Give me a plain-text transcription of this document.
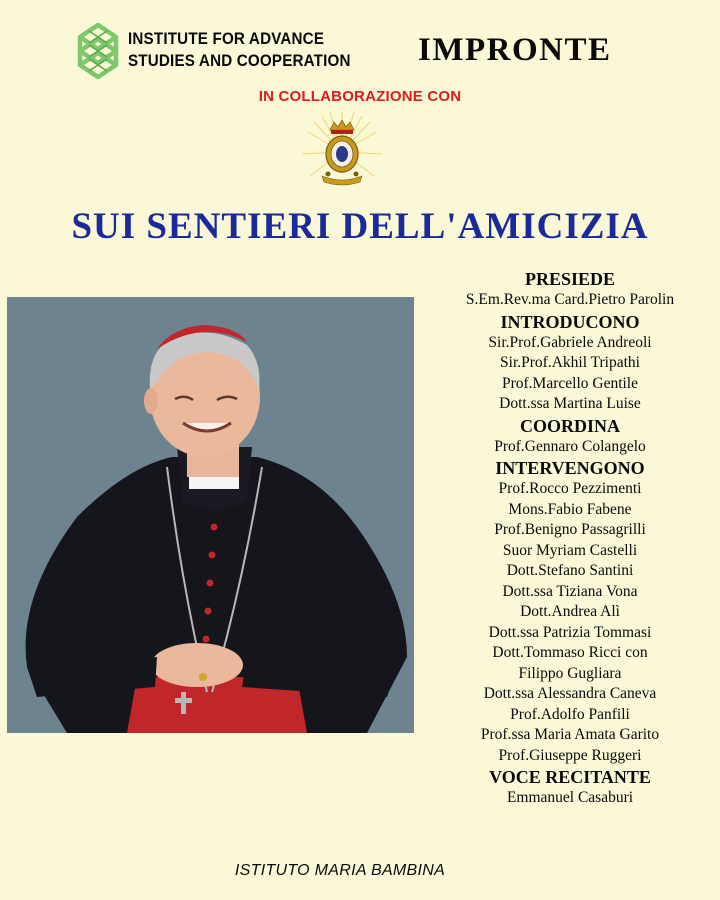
INSTITUTE FOR ADVANCE
STUDIES AND COOPERATION IMPRONTE
IN COLLABORAZIONE CON
SUI SENTIERI DELL'AMICIZIA
PRESIEDE
S.Em.Rev.ma Card.Pietro Parolin
INTRODUCONO
Sir.Prof.Gabriele Andreoli
Sir.Prof.Akhil Tripathi
Prof.Marcello Gentile
Dott.ssa Martina Luise
COORDINA
Prof.Gennaro Colangelo
INTERVENGONO
Prof.Rocco Pezzimenti
Mons.Fabio Fabene
Prof.Benigno Passagrilli
Suor Myriam Castelli
Dott.Stefano Santini
Dott.ssa Tiziana Vona
Dott.Andrea Alì
Dott.ssa Patrizia Tommasi
Dott.Tommaso Ricci con
Filippo Gugliara
Dott.ssa Alessandra Caneva
Prof.Adolfo Panfili
Prof.ssa Maria Amata Garito
Prof.Giuseppe Ruggeri
VOCE RECITANTE
Emmanuel Casaburi
ISTITUTO MARIA BAMBINA
